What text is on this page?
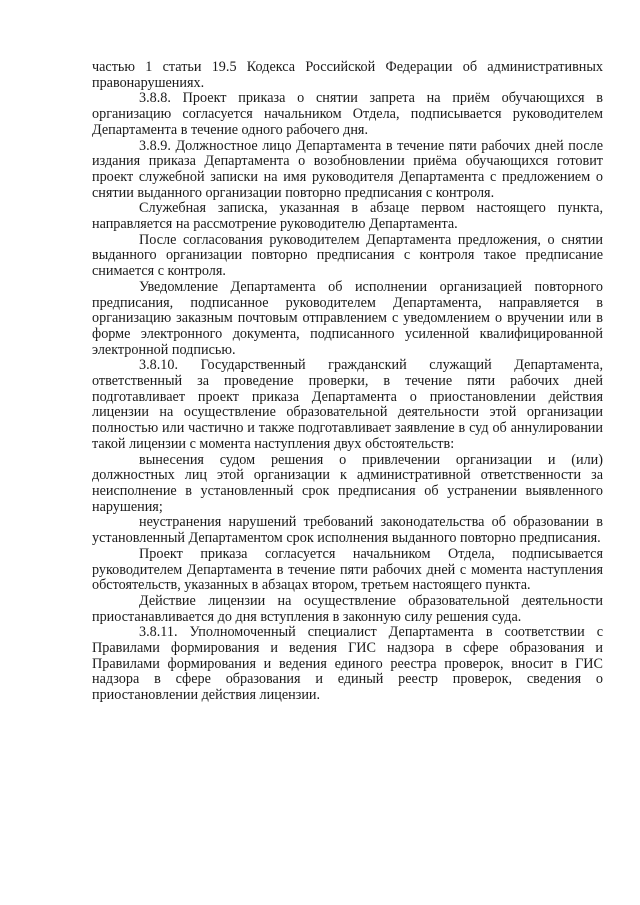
частью 1 статьи 19.5 Кодекса Российской Федерации об административных правонарушениях.

3.8.8. Проект приказа о снятии запрета на приём обучающихся в организацию согласуется начальником Отдела, подписывается руководителем Департамента в течение одного рабочего дня.

3.8.9. Должностное лицо Департамента в течение пяти рабочих дней после издания приказа Департамента о возобновлении приёма обучающихся готовит проект служебной записки на имя руководителя Департамента с предложением о снятии выданного организации повторно предписания с контроля.

Служебная записка, указанная в абзаце первом настоящего пункта, направляется на рассмотрение руководителю Департамента.

После согласования руководителем Департамента предложения, о снятии выданного организации повторно предписания с контроля такое предписание снимается с контроля.

Уведомление Департамента об исполнении организацией повторного предписания, подписанное руководителем Департамента, направляется в организацию заказным почтовым отправлением с уведомлением о вручении или в форме электронного документа, подписанного усиленной квалифицированной электронной подписью.

3.8.10. Государственный гражданский служащий Департамента, ответственный за проведение проверки, в течение пяти рабочих дней подготавливает проект приказа Департамента о приостановлении действия лицензии на осуществление образовательной деятельности этой организации полностью или частично и также подготавливает заявление в суд об аннулировании такой лицензии с момента наступления двух обстоятельств:

вынесения судом решения о привлечении организации и (или) должностных лиц этой организации к административной ответственности за неисполнение в установленный срок предписания об устранении выявленного нарушения;

неустранения нарушений требований законодательства об образовании в установленный Департаментом срок исполнения выданного повторно предписания.

Проект приказа согласуется начальником Отдела, подписывается руководителем Департамента в течение пяти рабочих дней с момента наступления обстоятельств, указанных в абзацах втором, третьем настоящего пункта.

Действие лицензии на осуществление образовательной деятельности приостанавливается до дня вступления в законную силу решения суда.

3.8.11. Уполномоченный специалист Департамента в соответствии с Правилами формирования и ведения ГИС надзора в сфере образования и Правилами формирования и ведения единого реестра проверок, вносит в ГИС надзора в сфере образования и единый реестр проверок, сведения о приостановлении действия лицензии.
